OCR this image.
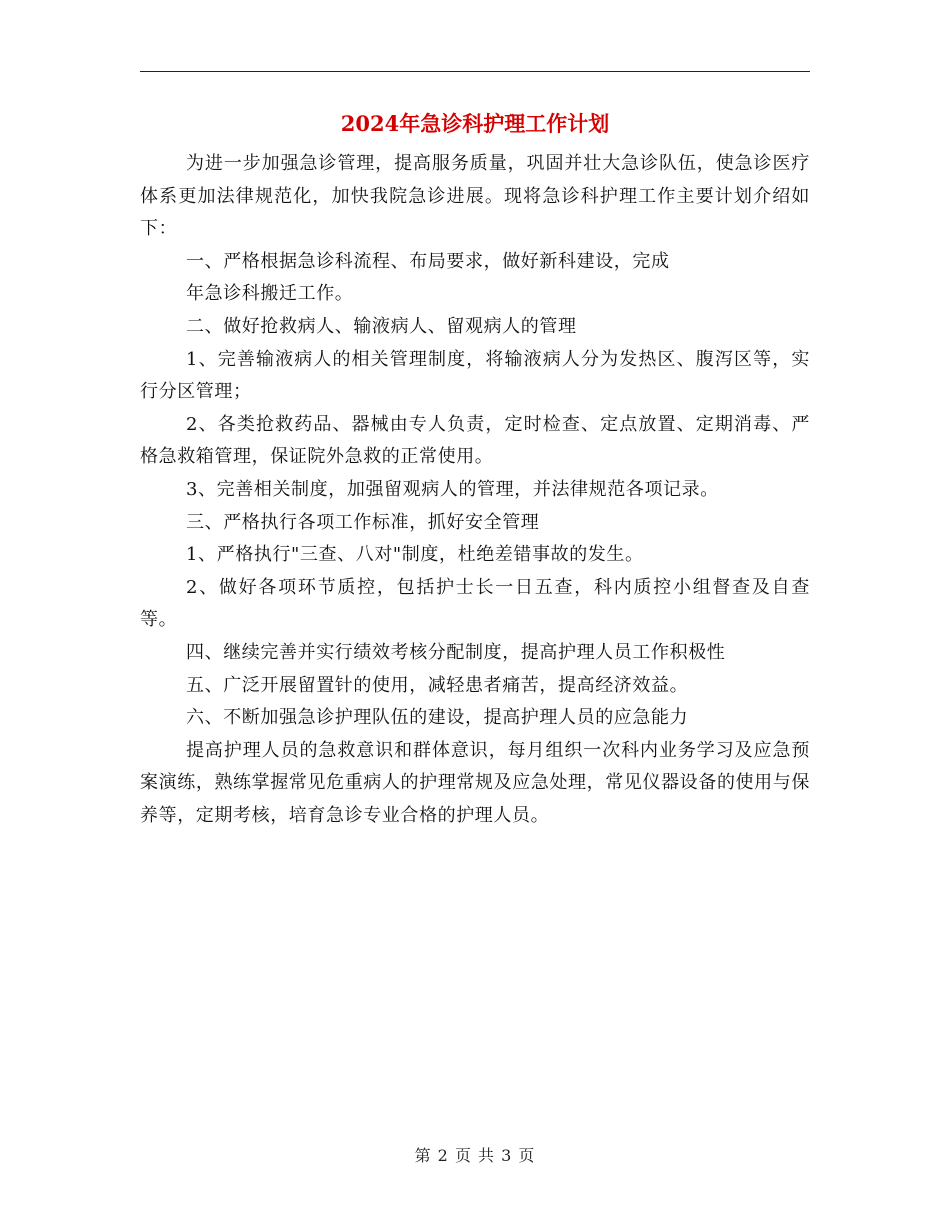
2024年急诊科护理工作计划

为进一步加强急诊管理，提高服务质量，巩固并壮大急诊队伍，使急诊医疗体系更加法律规范化，加快我院急诊进展。现将急诊科护理工作主要计划介绍如下：

一、严格根据急诊科流程、布局要求，做好新科建设，完成

年急诊科搬迁工作。

二、做好抢救病人、输液病人、留观病人的管理

1、完善输液病人的相关管理制度，将输液病人分为发热区、腹泻区等，实行分区管理；

2、各类抢救药品、器械由专人负责，定时检查、定点放置、定期消毒、严格急救箱管理，保证院外急救的正常使用。

3、完善相关制度，加强留观病人的管理，并法律规范各项记录。

三、严格执行各项工作标准，抓好安全管理

1、严格执行"三查、八对"制度，杜绝差错事故的发生。

2、做好各项环节质控，包括护士长一日五查，科内质控小组督查及自查等。

四、继续完善并实行绩效考核分配制度，提高护理人员工作积极性

五、广泛开展留置针的使用，减轻患者痛苦，提高经济效益。

六、不断加强急诊护理队伍的建设，提高护理人员的应急能力

提高护理人员的急救意识和群体意识，每月组织一次科内业务学习及应急预案演练，熟练掌握常见危重病人的护理常规及应急处理，常见仪器设备的使用与保养等，定期考核，培育急诊专业合格的护理人员。

第 2 页 共 3 页
